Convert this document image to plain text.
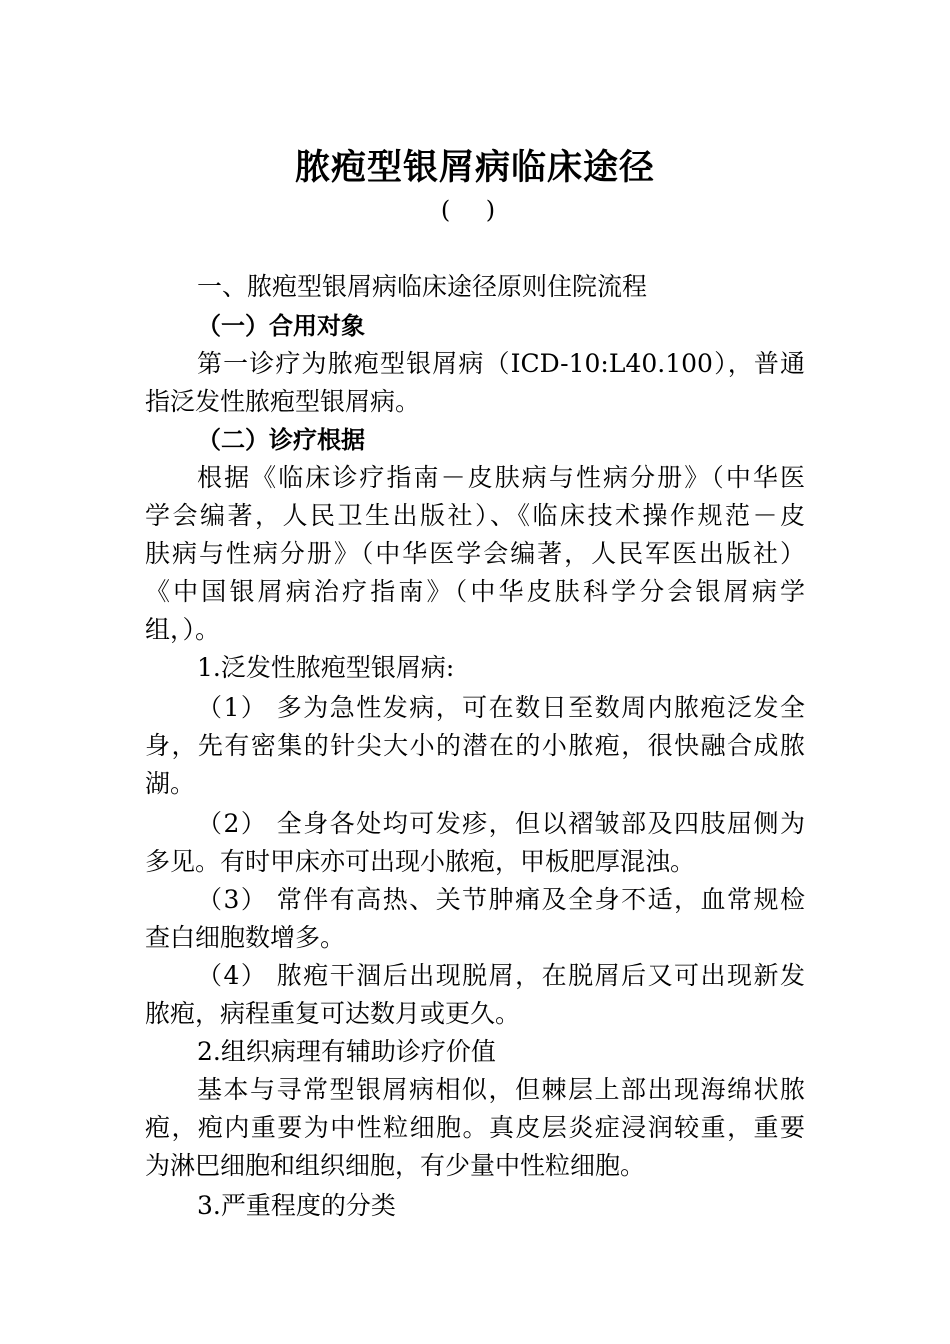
脓疱型银屑病临床途径
( )
一、脓疱型银屑病临床途径原则住院流程
（一）合用对象
第一诊疗为脓疱型银屑病（ICD-10:L40.100），普通
指泛发性脓疱型银屑病。
（二）诊疗根据
根据《临床诊疗指南－皮肤病与性病分册》（中华医
学会编著，人民卫生出版社）、《临床技术操作规范－皮
肤病与性病分册》（中华医学会编著，人民军医出版社）
《中国银屑病治疗指南》（中华皮肤科学分会银屑病学
组，）。
1.泛发性脓疱型银屑病:
（1） 多为急性发病，可在数日至数周内脓疱泛发全
身，先有密集的针尖大小的潜在的小脓疱，很快融合成脓
湖。
（2） 全身各处均可发疹，但以褶皱部及四肢屈侧为
多见。有时甲床亦可出现小脓疱，甲板肥厚混浊。
（3） 常伴有高热、关节肿痛及全身不适，血常规检
查白细胞数增多。
（4） 脓疱干涸后出现脱屑，在脱屑后又可出现新发
脓疱，病程重复可达数月或更久。
2.组织病理有辅助诊疗价值
基本与寻常型银屑病相似，但棘层上部出现海绵状脓
疱，疱内重要为中性粒细胞。真皮层炎症浸润较重，重要
为淋巴细胞和组织细胞，有少量中性粒细胞。
3.严重程度的分类
